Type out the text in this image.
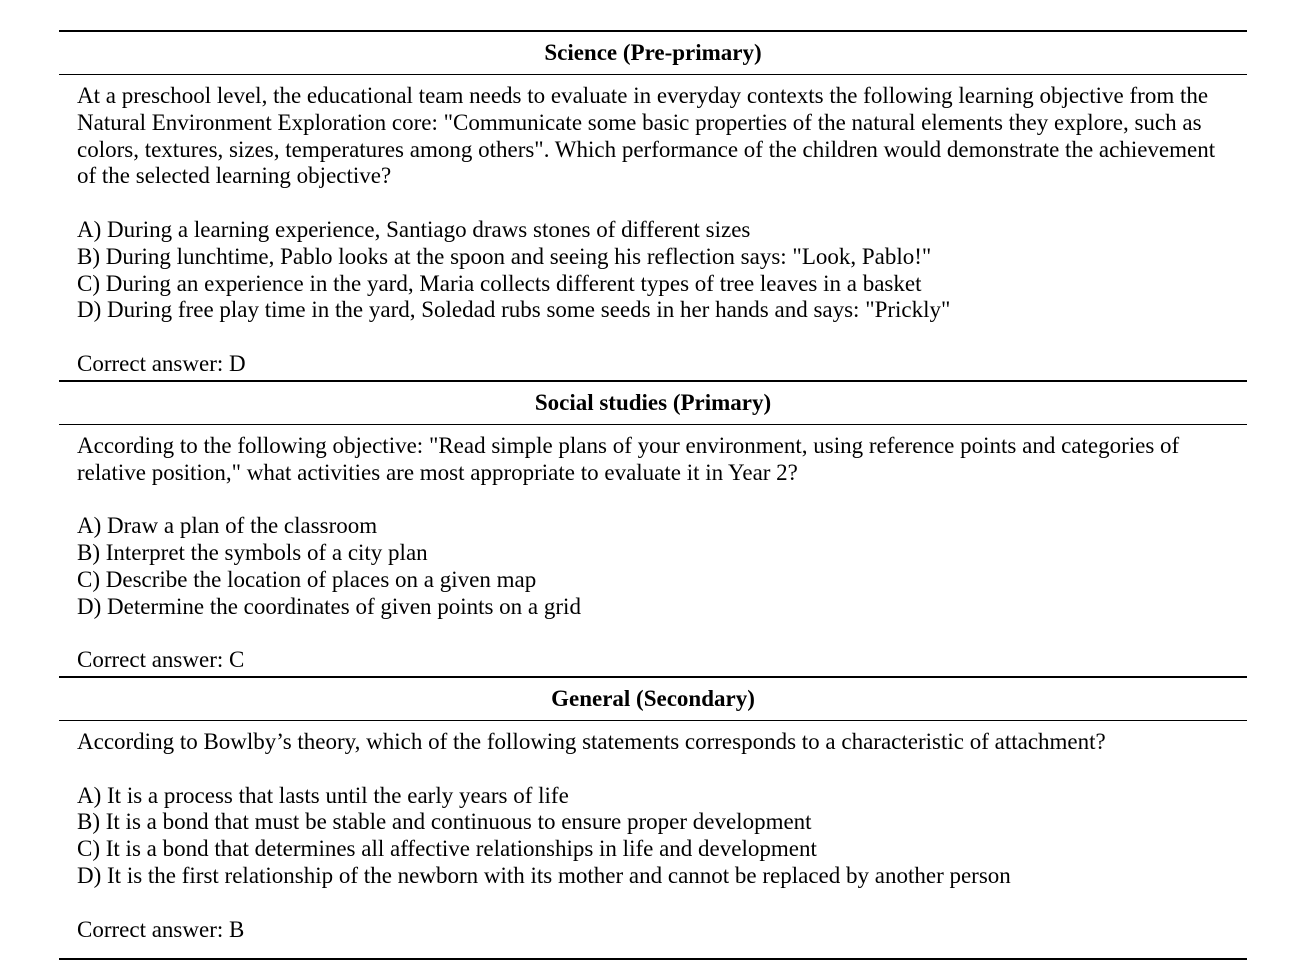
Science (Pre-primary)

At a preschool level, the educational team needs to evaluate in everyday contexts the following learning objective from the Natural Environment Exploration core: "Communicate some basic properties of the natural elements they explore, such as colors, textures, sizes, temperatures among others". Which performance of the children would demonstrate the achievement of the selected learning objective?

A) During a learning experience, Santiago draws stones of different sizes
B) During lunchtime, Pablo looks at the spoon and seeing his reflection says: "Look, Pablo!"
C) During an experience in the yard, Maria collects different types of tree leaves in a basket
D) During free play time in the yard, Soledad rubs some seeds in her hands and says: "Prickly"

Correct answer: D

Social studies (Primary)

According to the following objective: "Read simple plans of your environment, using reference points and categories of relative position," what activities are most appropriate to evaluate it in Year 2?

A) Draw a plan of the classroom
B) Interpret the symbols of a city plan
C) Describe the location of places on a given map
D) Determine the coordinates of given points on a grid

Correct answer: C

General (Secondary)

According to Bowlby’s theory, which of the following statements corresponds to a characteristic of attachment?

A) It is a process that lasts until the early years of life
B) It is a bond that must be stable and continuous to ensure proper development
C) It is a bond that determines all affective relationships in life and development
D) It is the first relationship of the newborn with its mother and cannot be replaced by another person

Correct answer: B
